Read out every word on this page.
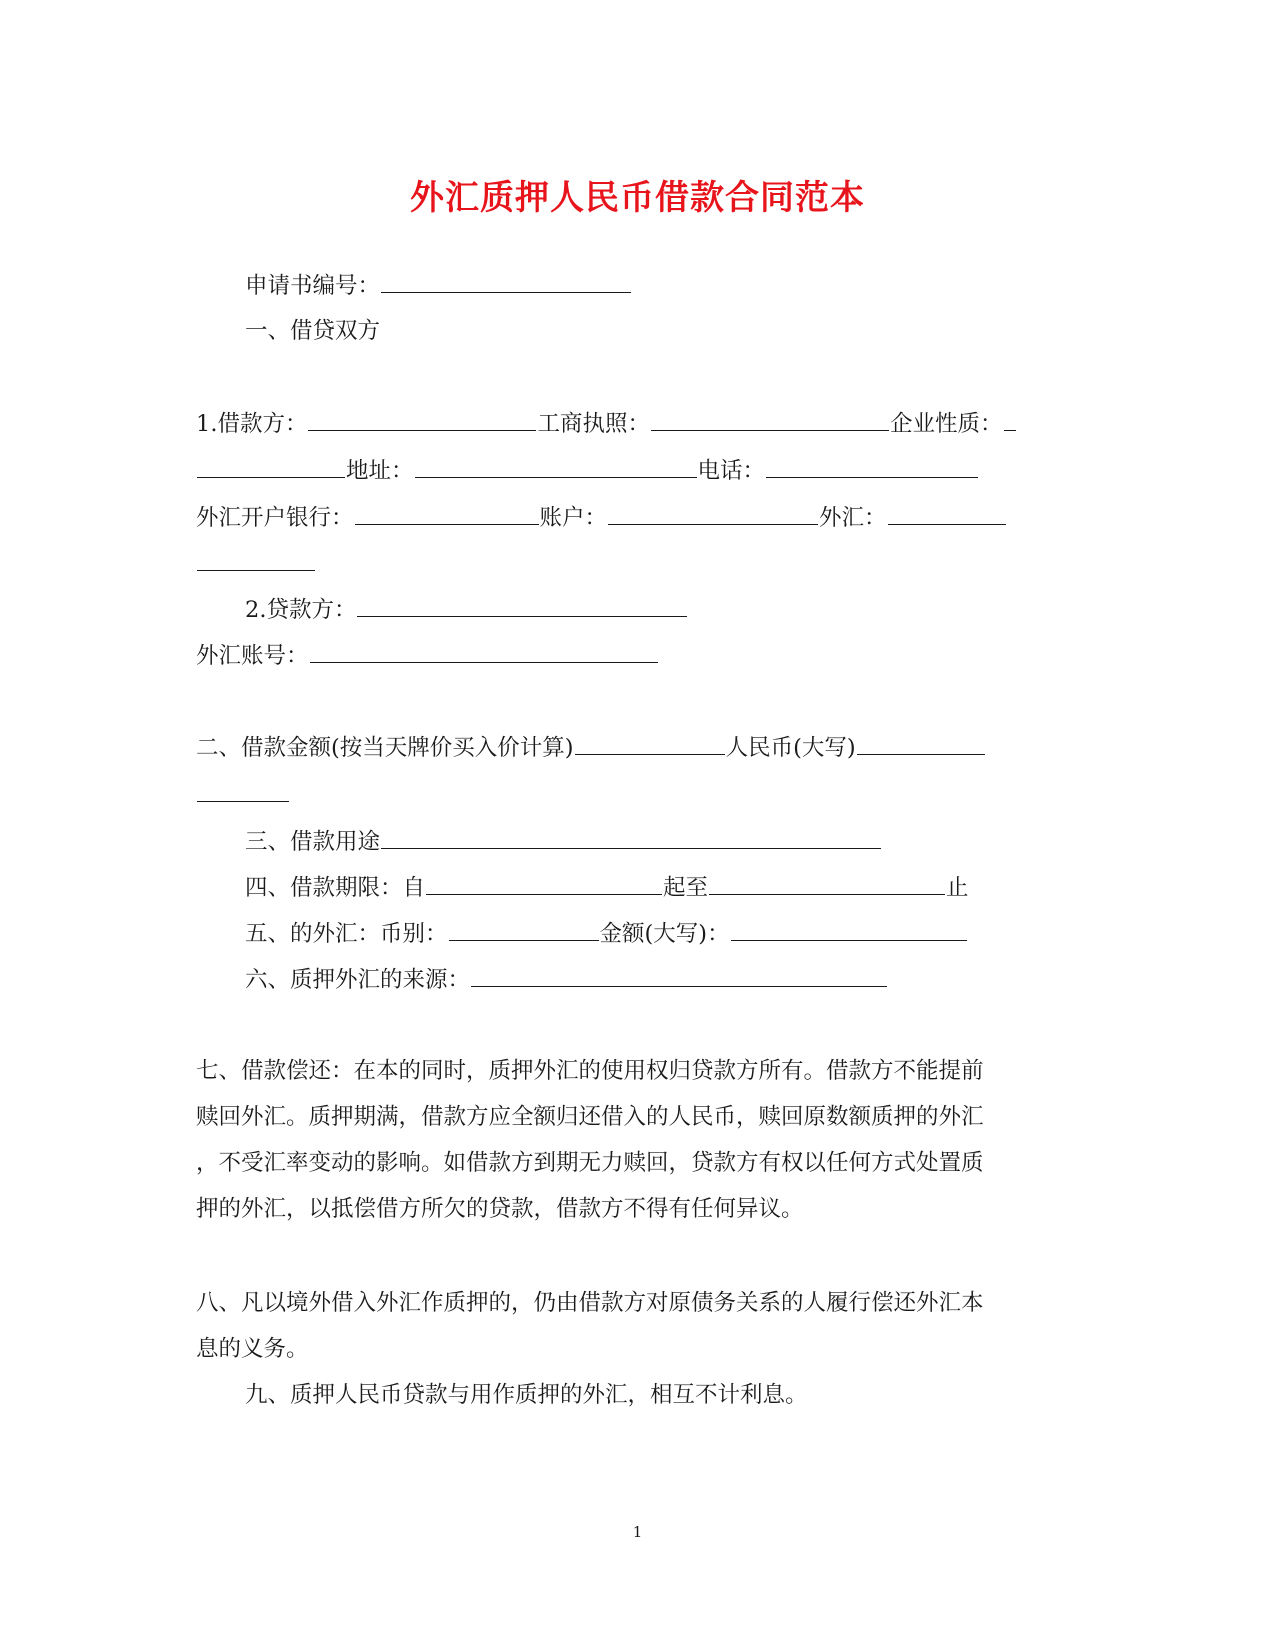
外汇质押人民币借款合同范本
申请书编号：
一、借贷双方
1.借款方：	工商执照：	企业性质：
地址：	电话：
外汇开户银行：	账户：	外汇：
2.贷款方：
外汇账号：
二、借款金额(按当天牌价买入价计算)	人民币(大写)
三、借款用途
四、借款期限：自	起至	止
五、的外汇：币别：	金额(大写)：
六、质押外汇的来源：
七、借款偿还：在本的同时，质押外汇的使用权归贷款方所有。借款方不能提前
赎回外汇。质押期满，借款方应全额归还借入的人民币，赎回原数额质押的外汇
，不受汇率变动的影响。如借款方到期无力赎回，贷款方有权以任何方式处置质
押的外汇，以抵偿借方所欠的贷款，借款方不得有任何异议。
八、凡以境外借入外汇作质押的，仍由借款方对原债务关系的人履行偿还外汇本
息的义务。
九、质押人民币贷款与用作质押的外汇，相互不计利息。
1
